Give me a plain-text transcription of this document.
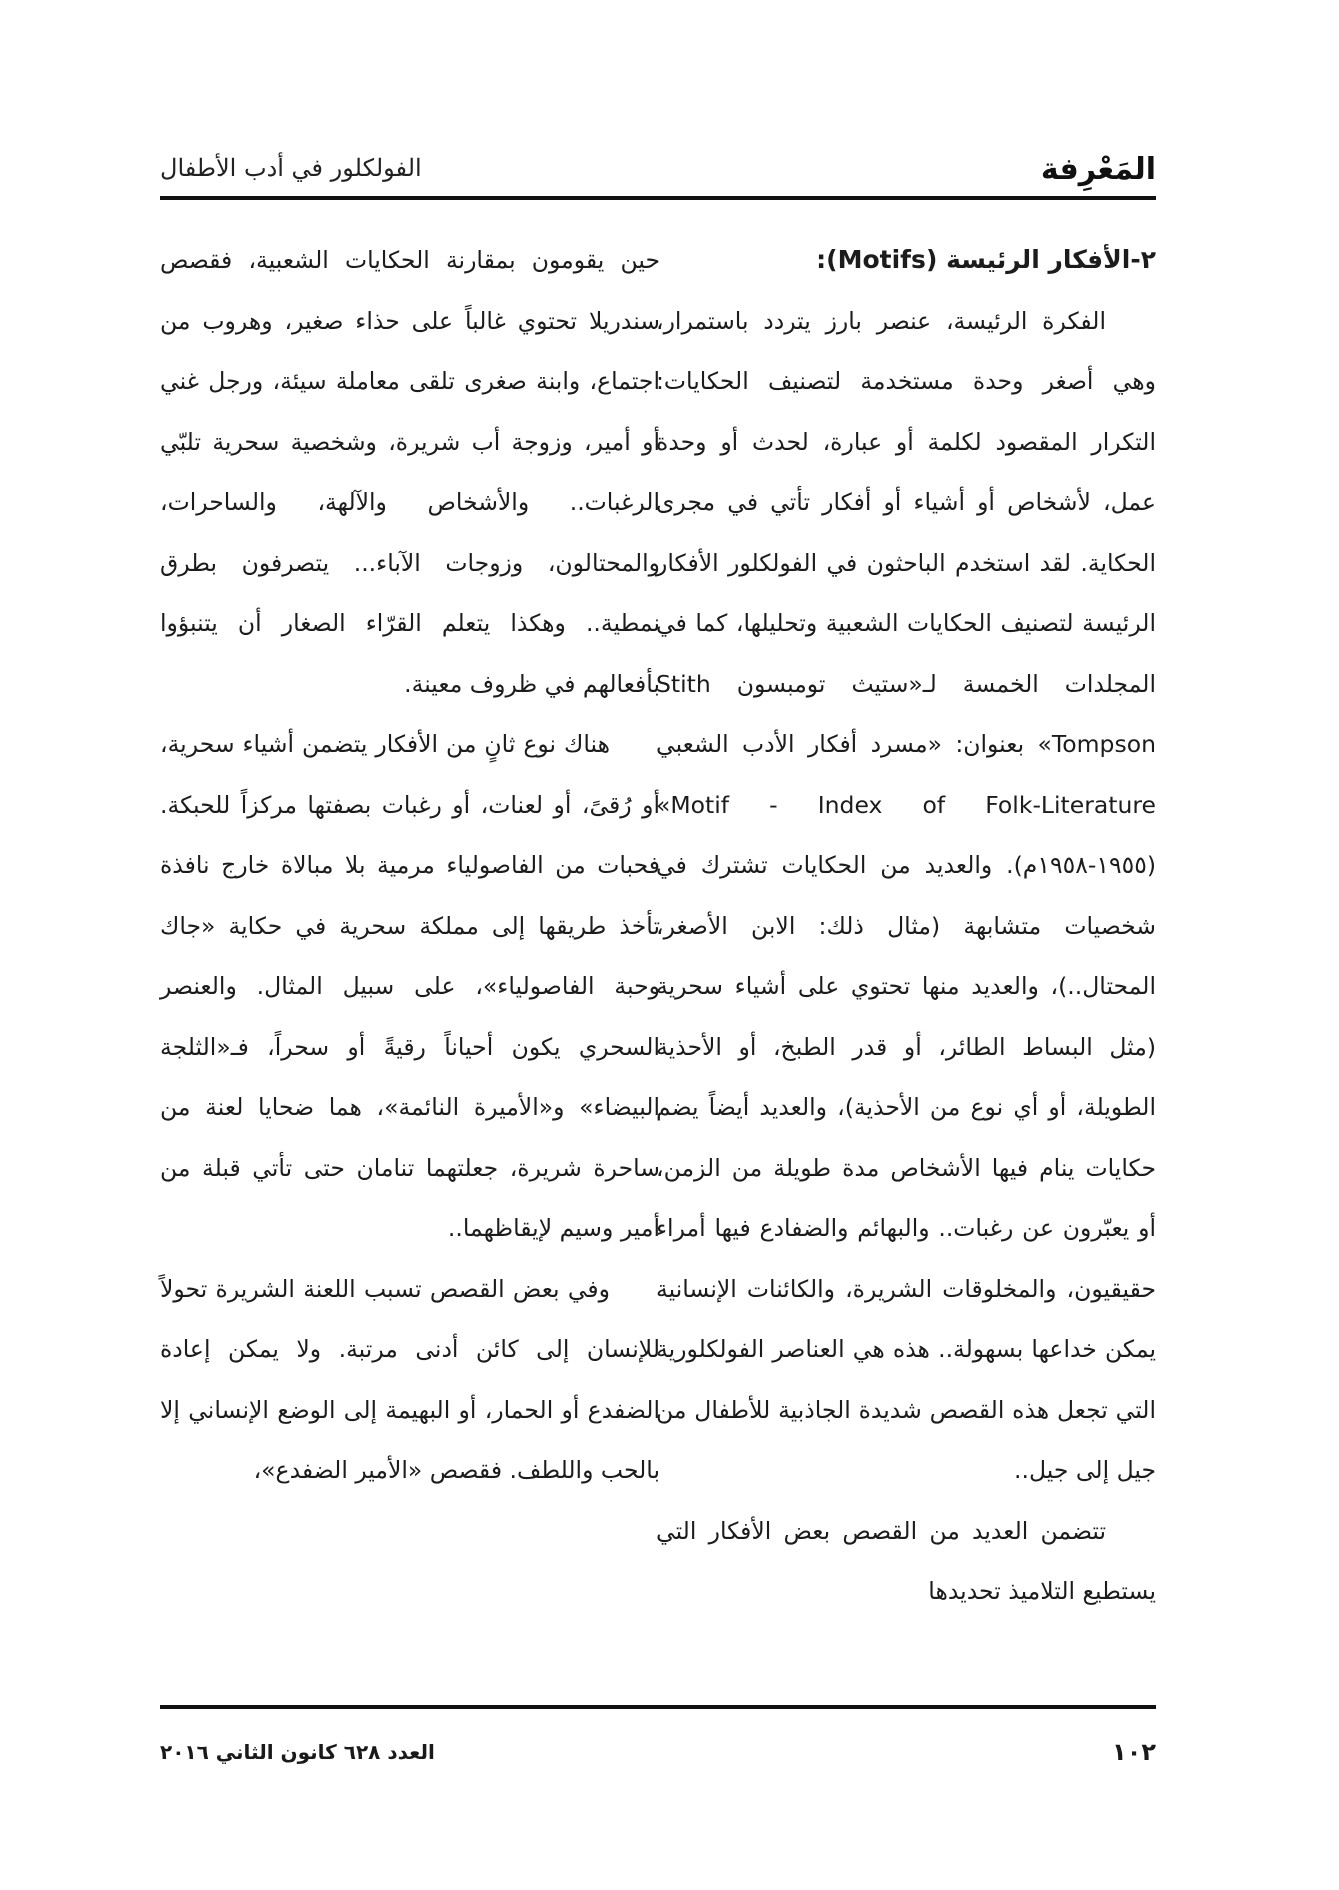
المَعْرِفة
الفولكلور في أدب الأطفال

٢-الأفكار الرئيسة (Motifs):

الفكرة الرئيسة، عنصر بارز يتردد باستمرار، وهي أصغر وحدة مستخدمة لتصنيف الحكايات: التكرار المقصود لكلمة أو عبارة، لحدث أو وحدة عمل، لأشخاص أو أشياء أو أفكار تأتي في مجرى الحكاية. لقد استخدم الباحثون في الفولكلور الأفكار الرئيسة لتصنيف الحكايات الشعبية وتحليلها، كما في المجلدات الخمسة لـ«ستيث تومبسون Stith Tompson» بعنوان: «مسرد أفكار الأدب الشعبي Motif - Index of Folk-Literature» (١٩٥٥-١٩٥٨م). والعديد من الحكايات تشترك في شخصيات متشابهة (مثال ذلك: الابن الأصغر، المحتال..)، والعديد منها تحتوي على أشياء سحرية (مثل البساط الطائر، أو قدر الطبخ، أو الأحذية الطويلة، أو أي نوع من الأحذية)، والعديد أيضاً يضم حكايات ينام فيها الأشخاص مدة طويلة من الزمن، أو يعبّرون عن رغبات.. والبهائم والضفادع فيها أمراء حقيقيون، والمخلوقات الشريرة، والكائنات الإنسانية يمكن خداعها بسهولة.. هذه هي العناصر الفولكلورية التي تجعل هذه القصص شديدة الجاذبية للأطفال من جيل إلى جيل..

تتضمن العديد من القصص بعض الأفكار التي يستطيع التلاميذ تحديدها

حين يقومون بمقارنة الحكايات الشعبية، فقصص سندريلا تحتوي غالباً على حذاء صغير، وهروب من اجتماع، وابنة صغرى تلقى معاملة سيئة، ورجل غني أو أمير، وزوجة أب شريرة، وشخصية سحرية تلبّي الرغبات.. والأشخاص والآلهة، والساحرات، والمحتالون، وزوجات الآباء... يتصرفون بطرق نمطية.. وهكذا يتعلم القرّاء الصغار أن يتنبؤوا بأفعالهم في ظروف معينة.

هناك نوع ثانٍ من الأفكار يتضمن أشياء سحرية، أو رُقىً، أو لعنات، أو رغبات بصفتها مركزاً للحبكة. فحبات من الفاصولياء مرمية بلا مبالاة خارج نافذة تأخذ طريقها إلى مملكة سحرية في حكاية «جاك وحبة الفاصولياء»، على سبيل المثال. والعنصر السحري يكون أحياناً رقيةً أو سحراً، فـ«الثلجة البيضاء» و«الأميرة النائمة»، هما ضحايا لعنة من ساحرة شريرة، جعلتهما تنامان حتى تأتي قبلة من أمير وسيم لإيقاظهما..

وفي بعض القصص تسبب اللعنة الشريرة تحولاً للإنسان إلى كائن أدنى مرتبة. ولا يمكن إعادة الضفدع أو الحمار، أو البهيمة إلى الوضع الإنساني إلا بالحب واللطف. فقصص «الأمير الضفدع»،

١٠٢
العدد ٦٢٨ كانون الثاني ٢٠١٦
